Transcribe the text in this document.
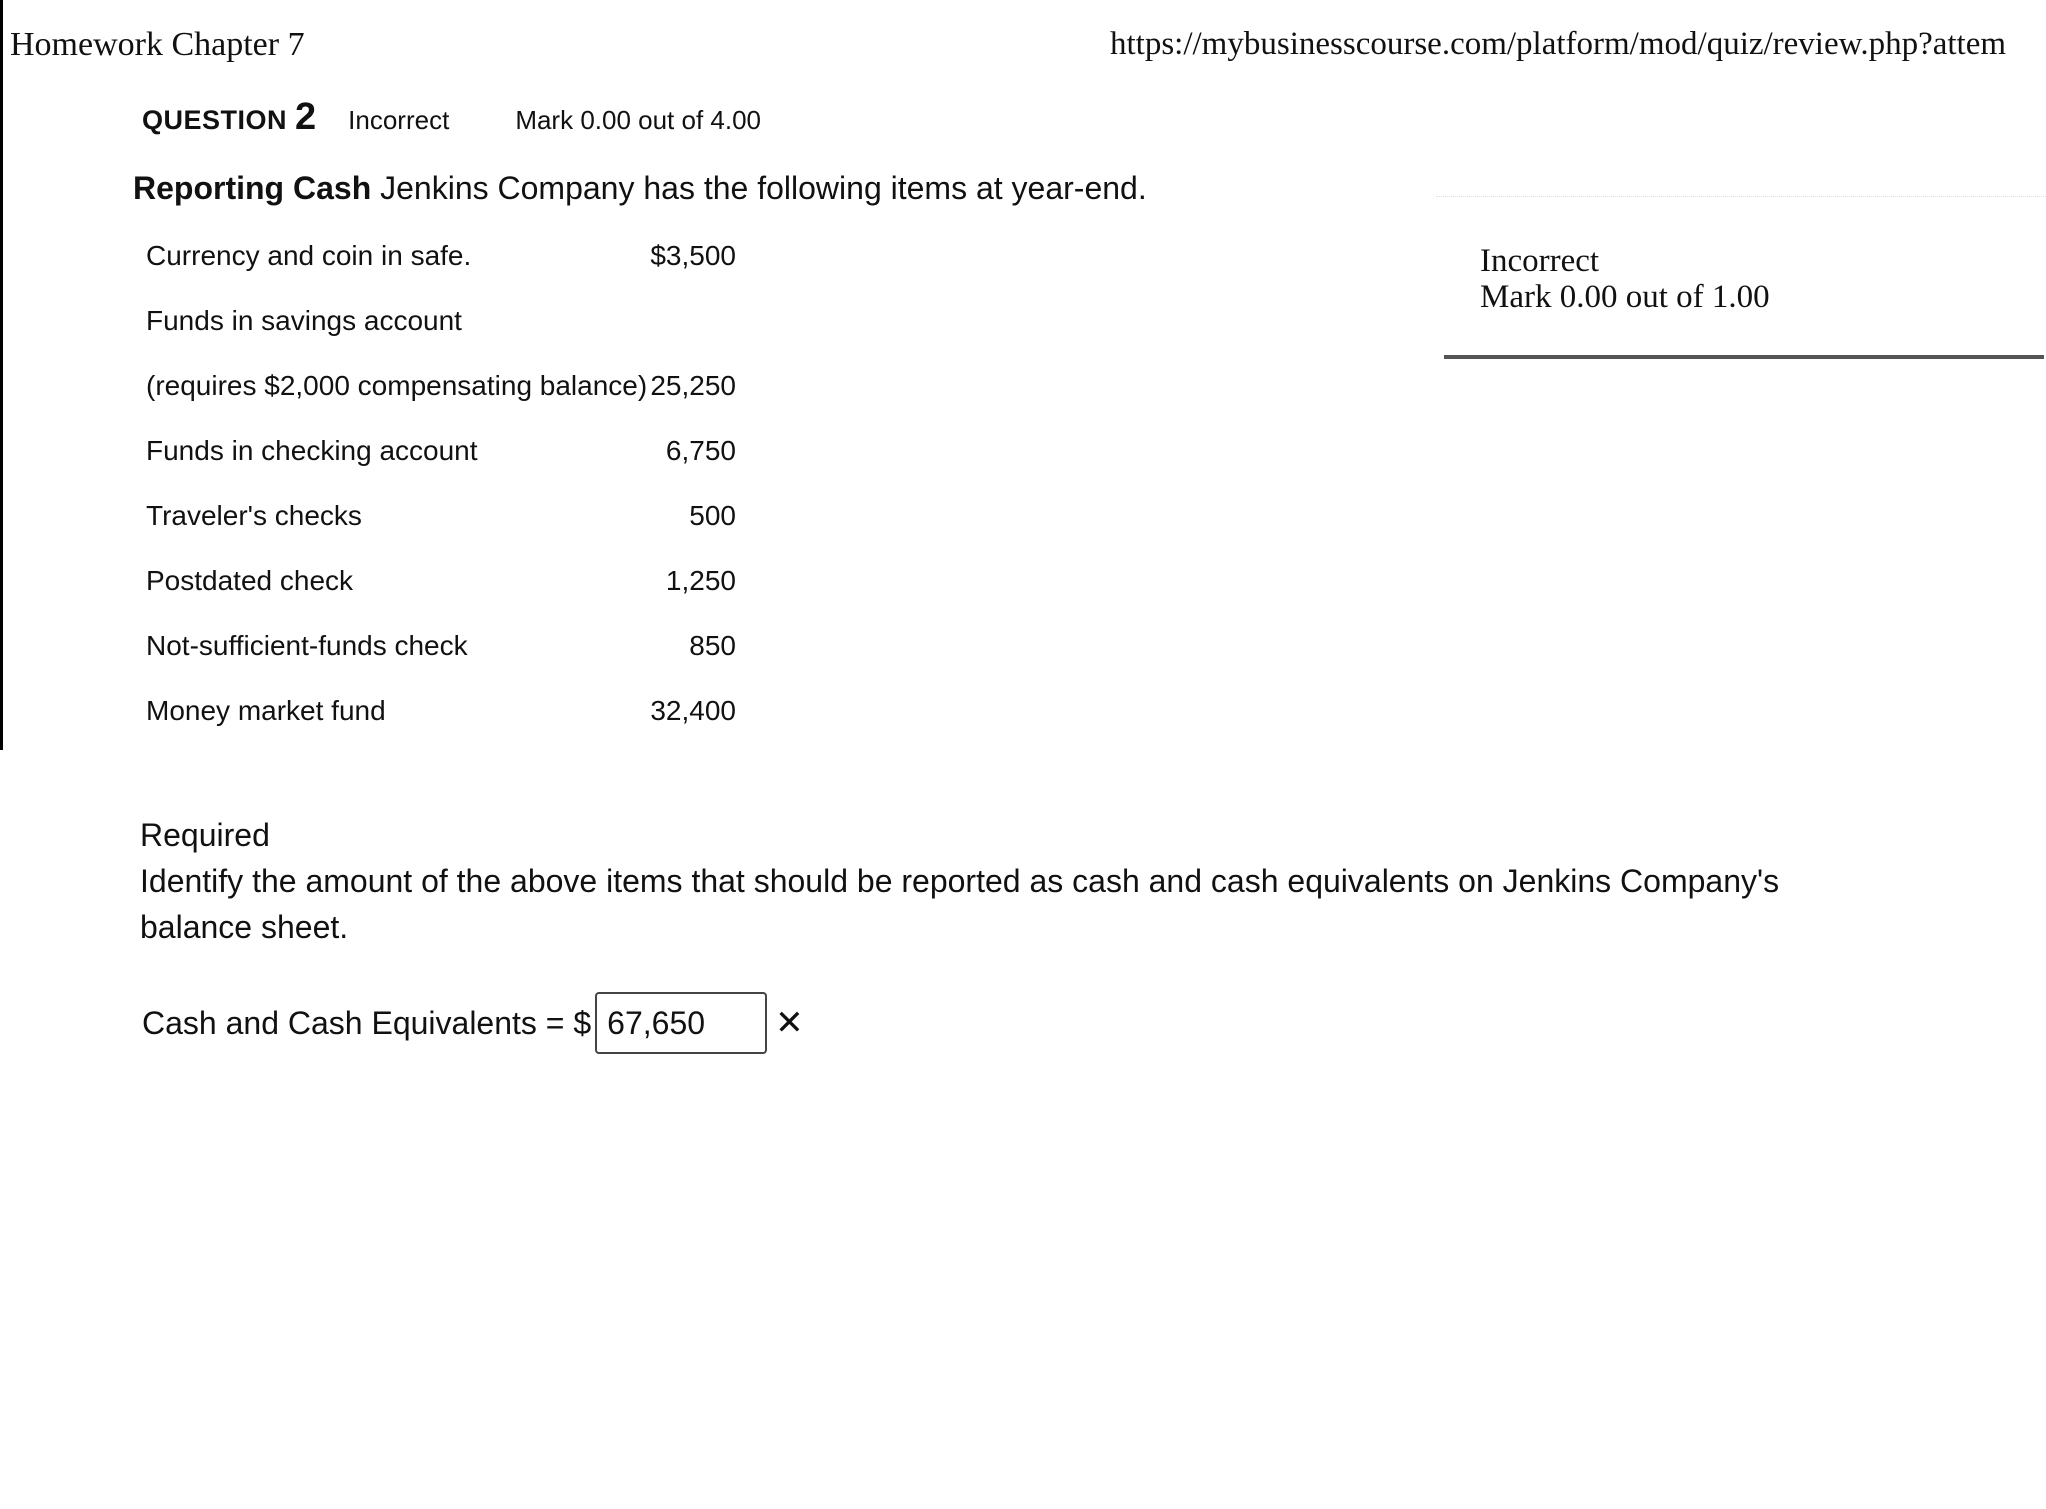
Homework Chapter 7	https://mybusinesscourse.com/platform/mod/quiz/review.php?attem
QUESTION 2 Incorrect	Mark 0.00 out of 4.00
Reporting Cash Jenkins Company has the following items at year-end.
Currency and coin in safe.	$3,500
Funds in savings account
(requires $2,000 compensating balance) 25,250
Funds in checking account	6,750
Traveler's checks	500
Postdated check	1,250
Not-sufficient-funds check	850
Money market fund	32,400
Incorrect
Mark 0.00 out of 1.00
Required
Identify the amount of the above items that should be reported as cash and cash equivalents on Jenkins Company's balance sheet.
Cash and Cash Equivalents = $
67,650	✕
